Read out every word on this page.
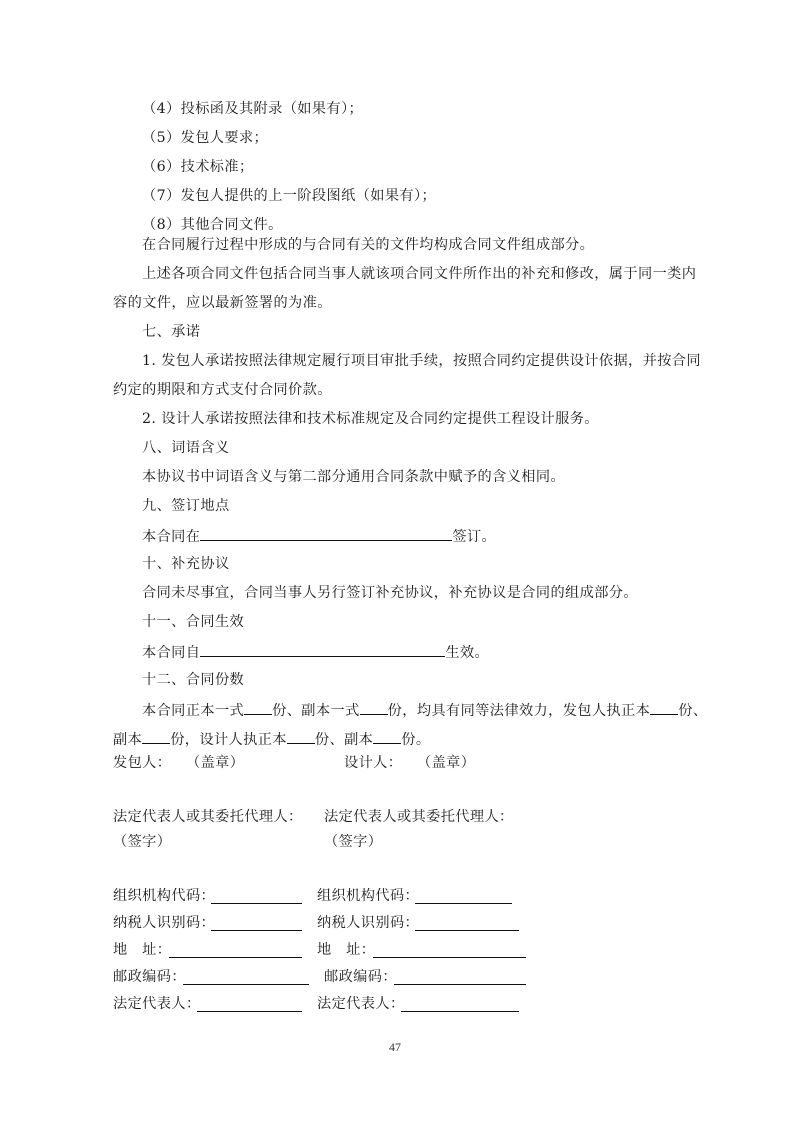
（4）投标函及其附录（如果有）；
（5）发包人要求；
（6）技术标准；
（7）发包人提供的上一阶段图纸（如果有）；
（8）其他合同文件。
在合同履行过程中形成的与合同有关的文件均构成合同文件组成部分。
上述各项合同文件包括合同当事人就该项合同文件所作出的补充和修改，属于同一类内
容的文件，应以最新签署的为准。
七、承诺
1. 发包人承诺按照法律规定履行项目审批手续，按照合同约定提供设计依据，并按合同
约定的期限和方式支付合同价款。
2. 设计人承诺按照法律和技术标准规定及合同约定提供工程设计服务。
八、词语含义
本协议书中词语含义与第二部分通用合同条款中赋予的含义相同。
九、签订地点
本合同在	签订。
十、补充协议
合同未尽事宜，合同当事人另行签订补充协议，补充协议是合同的组成部分。
十一、合同生效
本合同自	生效。
十二、合同份数
本合同正本一式 份、副本一式 份，均具有同等法律效力，发包人执正本 份、
副本 份，设计人执正本 份、副本 份。
发包人： （盖章）	设计人： （盖章）
法定代表人或其委托代理人： 法定代表人或其委托代理人：
（签字）	（签字）
组织机构代码：	组织机构代码：
纳税人识别码：	纳税人识别码：
地　址：	地　址：
邮政编码：	邮政编码：
法定代表人：	法定代表人：
47
